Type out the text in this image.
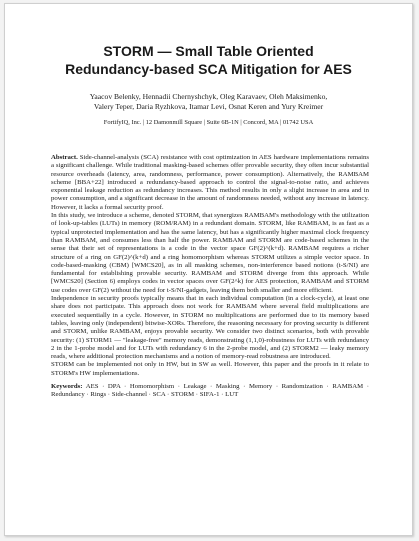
STORM — Small Table Oriented
Redundancy-based SCA Mitigation for AES
Yaacov Belenky, Hennadii Chernyshchyk, Oleg Karavaev, Oleh Maksimenko,
Valery Teper, Daria Ryzhkova, Itamar Levi, Osnat Keren and Yury Kreimer
FortifyIQ, Inc. | 12 Damonmill Square | Suite 6B-1N | Concord, MA | 01742 USA

Abstract. Side-channel-analysis (SCA) resistance with cost optimization in AES hardware implementations remains a significant challenge. While traditional masking-based schemes offer provable security, they often incur substantial resource overheads (latency, area, randomness, performance, power consumption). Alternatively, the RAMBAM scheme [BBA+22] introduced a redundancy-based approach to control the signal-to-noise ratio, and achieves exponential leakage reduction as redundancy increases. This method results in only a slight increase in area and in power consumption, and a significant decrease in the amount of randomness needed, without any increase in latency. However, it lacks a formal security proof.

In this study, we introduce a scheme, denoted STORM, that synergizes RAMBAM's methodology with the utilization of look-up-tables (LUTs) in memory (ROM/RAM) in a redundant domain. STORM, like RAMBAM, is as fast as a typical unprotected implementation and has the same latency, but has a significantly higher maximal clock frequency than RAMBAM, and consumes less than half the power. RAMBAM and STORM are code-based schemes in the sense that their set of representations is a code in the vector space GF(2)^(k+d). RAMBAM requires a richer structure of a ring on GF(2)^(k+d) and a ring homomorphism whereas STORM utilizes a simple vector space. In code-based-masking (CBM) [WMCS20], as in all masking schemes, non-interference based notions (t-S/NI) are fundamental for establishing provable security. RAMBAM and STORM diverge from this approach. While [WMCS20] (Section 6) employs codes in vector spaces over GF(2^k) for AES protection, RAMBAM and STORM use codes over GF(2) without the need for t-S/NI-gadgets, leaving them both smaller and more efficient.

Independence in security proofs typically means that in each individual computation (in a clock-cycle), at least one share does not participate. This approach does not work for RAMBAM where several field multiplications are executed sequentially in a cycle. However, in STORM no multiplications are performed due to its memory based tables, leaving only (independent) bitwise-XORs. Therefore, the reasoning necessary for proving security is different and STORM, unlike RAMBAM, enjoys provable security. We consider two distinct scenarios, both with provable security: (1) STORM1 — "leakage-free" memory reads, demonstrating (1,1,0)-robustness for LUTs with redundancy 2 in the 1-probe model and for LUTs with redundancy 6 in the 2-probe model, and (2) STORM2 — leaky memory reads, where additional protection mechanisms and a notion of memory-read robustness are introduced.

STORM can be implemented not only in HW, but in SW as well. However, this paper and the proofs in it relate to STORM's HW implementations.

Keywords: AES · DPA · Homomorphism · Leakage · Masking · Memory · Randomization · RAMBAM · Redundancy · Rings · Side-channel · SCA · STORM · SIFA-1 · LUT
